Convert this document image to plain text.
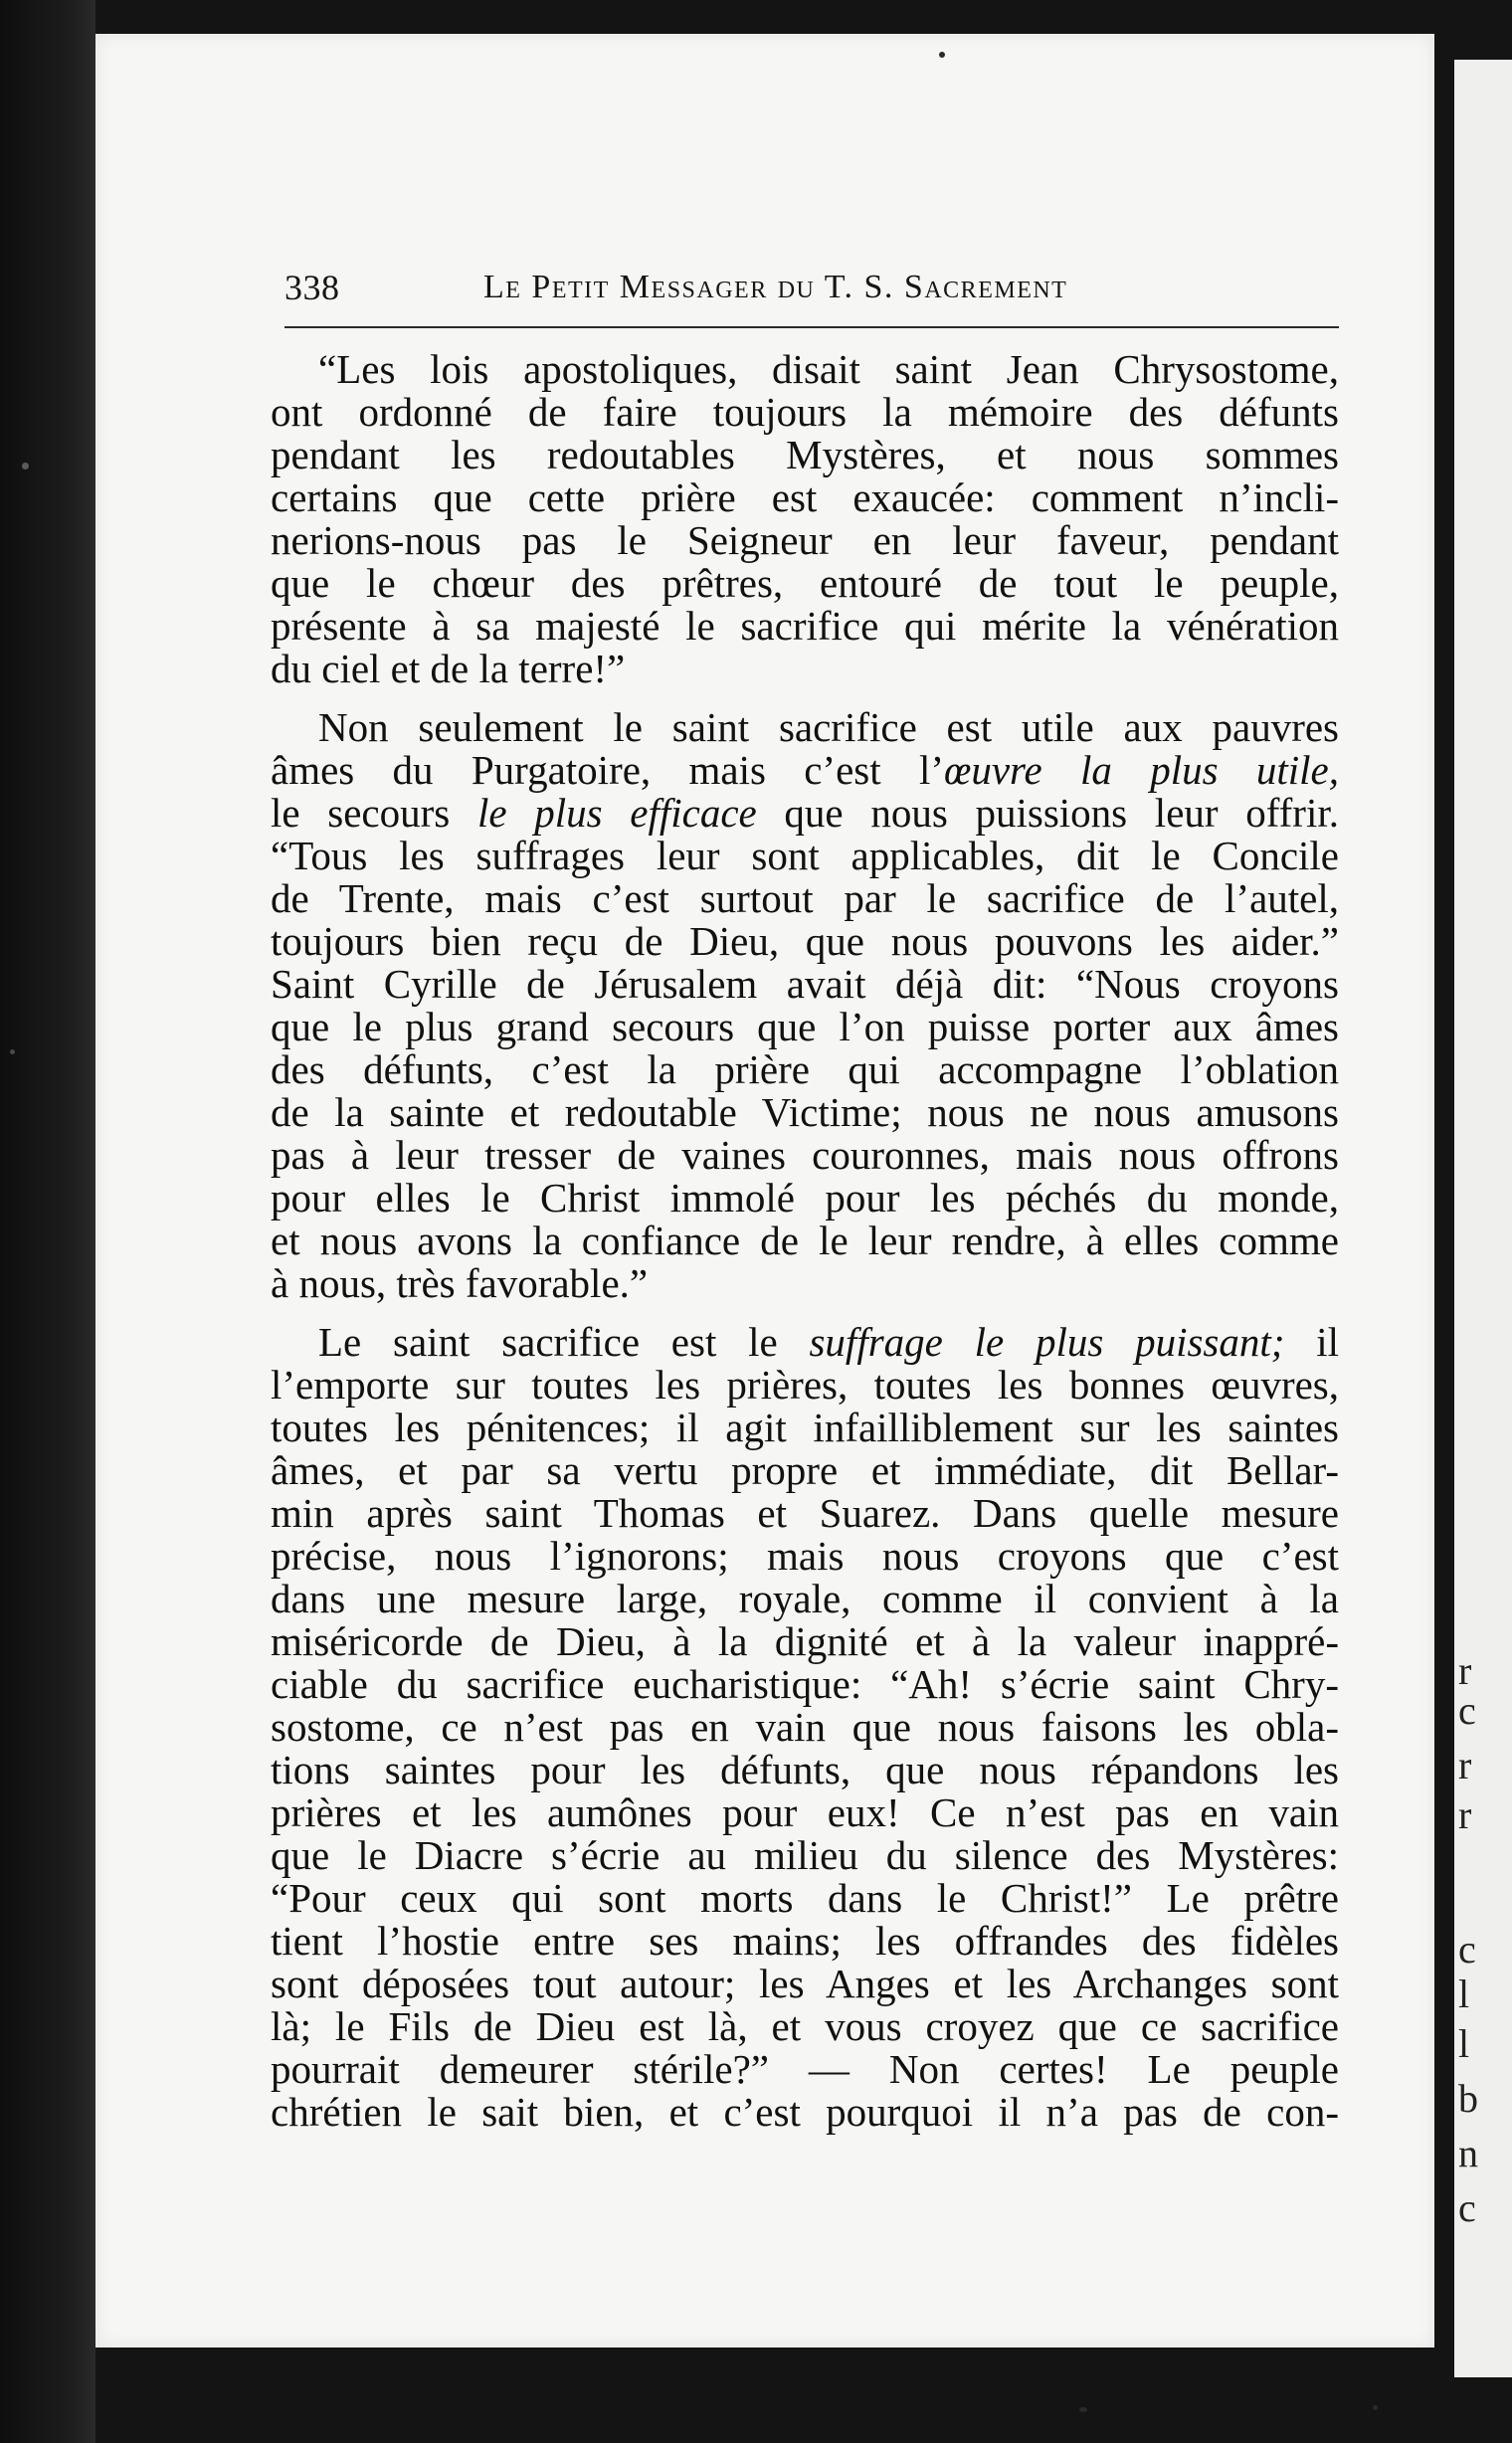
r
c
r
r
c
l
l
b
n
c
338	Le Petit Messager du T. S. Sacrement
“Les lois apostoliques, disait saint Jean Chrysostome,
ont ordonné de faire toujours la mémoire des défunts
pendant les redoutables Mystères, et nous sommes
certains que cette prière est exaucée: comment n’incli-
nerions-nous pas le Seigneur en leur faveur, pendant
que le chœur des prêtres, entouré de tout le peuple,
présente à sa majesté le sacrifice qui mérite la vénération
du ciel et de la terre!”
Non seulement le saint sacrifice est utile aux pauvres
âmes du Purgatoire, mais c’est l’œuvre la plus utile,
le secours le plus efficace que nous puissions leur offrir.
“Tous les suffrages leur sont applicables, dit le Concile
de Trente, mais c’est surtout par le sacrifice de l’autel,
toujours bien reçu de Dieu, que nous pouvons les aider.”
Saint Cyrille de Jérusalem avait déjà dit: “Nous croyons
que le plus grand secours que l’on puisse porter aux âmes
des défunts, c’est la prière qui accompagne l’oblation
de la sainte et redoutable Victime; nous ne nous amusons
pas à leur tresser de vaines couronnes, mais nous offrons
pour elles le Christ immolé pour les péchés du monde,
et nous avons la confiance de le leur rendre, à elles comme
à nous, très favorable.”
Le saint sacrifice est le suffrage le plus puissant; il
l’emporte sur toutes les prières, toutes les bonnes œuvres,
toutes les pénitences; il agit infailliblement sur les saintes
âmes, et par sa vertu propre et immédiate, dit Bellar-
min après saint Thomas et Suarez. Dans quelle mesure
précise, nous l’ignorons; mais nous croyons que c’est
dans une mesure large, royale, comme il convient à la
miséricorde de Dieu, à la dignité et à la valeur inappré-
ciable du sacrifice eucharistique: “Ah! s’écrie saint Chry-
sostome, ce n’est pas en vain que nous faisons les obla-
tions saintes pour les défunts, que nous répandons les
prières et les aumônes pour eux! Ce n’est pas en vain
que le Diacre s’écrie au milieu du silence des Mystères:
“Pour ceux qui sont morts dans le Christ!” Le prêtre
tient l’hostie entre ses mains; les offrandes des fidèles
sont déposées tout autour; les Anges et les Archanges sont
là; le Fils de Dieu est là, et vous croyez que ce sacrifice
pourrait demeurer stérile?” — Non certes! Le peuple
chrétien le sait bien, et c’est pourquoi il n’a pas de con-
